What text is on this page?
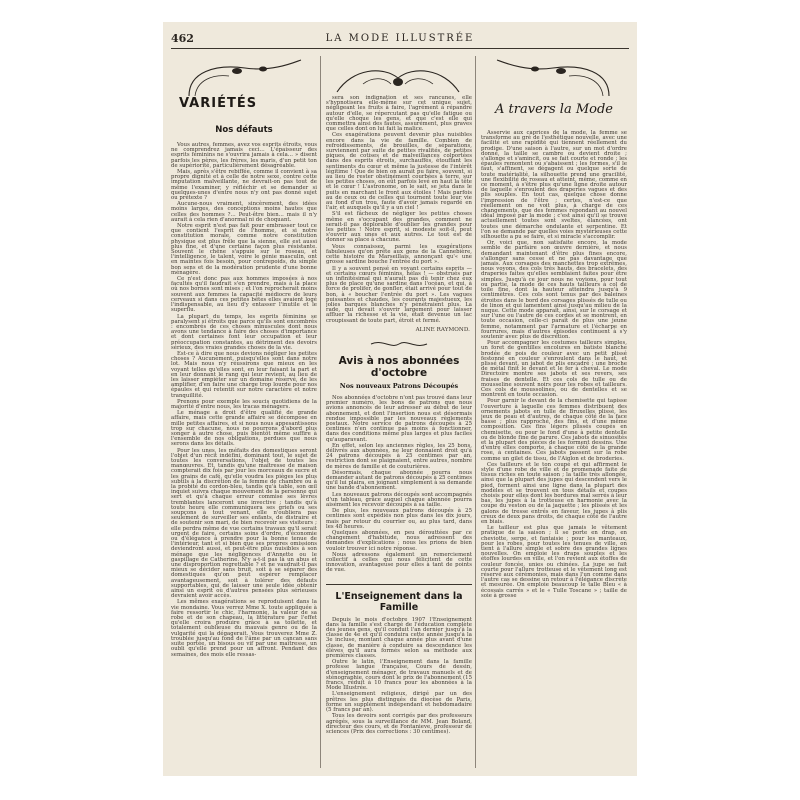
462	LA MODE ILLUSTRÉE
VARIÉTÉS
Nos défauts

Vous autres, femmes, avez vos esprits étroits, vous ne comprendrez jamais ceci... L'épaisseur des esprits féminins ne s'ouvrira jamais à cela... » disent parfois les pères, les frères, les maris, d'un petit ton de supériorité, particulièrement désagréable.

Mais, après s'être rebiffée, comme il convient à sa propre dignité et à celle de notre sexe, contre cette imputation malveillante, ne devrait-on pas tout de même l'examiner, y réfléchir et se demander si quelques-unes d'entre nous n'y ont pas donné sujet ou prétexte ?

Aucune-nous vraiment, sincèrement, des idées moins larges, des conceptions moins hautes que celles des hommes ?... Peut-être bien... mais il n'y aurait à cela rien d'anormal ni de choquant.

Notre esprit n'est pas fait pour embrasser tout ce que contient l'esprit de l'homme, et si notre constitution morale, comme notre constitution physique est plus frêle que la sienne, elle est aussi plus fine, et d'une certaine façon plus résistante. Souvent le chêne s'appuie sur le roseau, et l'intelligence, le talent, voire le génie masculin, ont en maintes fois besoin, pour contrepoids, du simple bon sens et de la modération prudente d'une bonne ménagère.

Ce n'est donc pas aux hommes imposées à nos facultés qu'il faudrait s'en prendre, mais à la place où nos bornes sont mises ; et l'on reprocherait moins souvent aux femmes la capacité médiocre de leurs cerveaux si dans ces petites bêtes elles avaient logé l'indispensable, au lieu d'y entasser l'inutile et le superflu.

La plupart du temps, les esprits féminins se paralysent si étroits que parce qu'ils sont encombrés : encombrés de ces choses minuscules dont nous avons une tendance à faire des choses d'importance et dont certaines font leur occupation et leur préoccupation constantes, au détriment des devoirs sérieux, des vraies grandes choses de la vie.

Est-ce à dire que nous devions négliger les petites choses ? Aucunement, puisqu'elles sont dans notre lot. Mais nous n'y réussirons que mieux en les voyant telles qu'elles sont, en leur faisant la part et en leur donnant le rang qui leur revient, au lieu de les laisser empiéter sur un domaine réservé, de les amplifier, d'en faire une charge trop lourde pour nos épaules et qui retentit sur notre caractère et notre tranquillité.

Prenons pour exemple les soucis quotidiens de la majorité d'entre nous, les tracas ménagers.

Le ménage a droit d'être qualifié de grande affaire, mais cette grande affaire se décompose en mille petites affaires, et si nous nous appesantissons trop sur chacune, nous ne pourrons d'abord plus songer à autre chose, puis bientôt même suffire à l'ensemble de nos obligations, perdues que nous serons dans les détails.

Pour les unes, les méfaits des domestiques seront l'objet d'un récit indéfini, dominant tout, le sujet de toutes les conversations, l'objet de toutes les manœuvres. Et, tandis qu'une maîtresse de maison compterait dix fois par jour les morceaux de sucre et les grains de café, qu'elle voudra les pièges les plus subtils à la discrétion de la femme de chambre ou à la probité du cordon-bleu, tandis qu'à table, son œil inquiet suivra chaque mouvement de la personne qui sert et qu'à chaque erreur commise ses lèvres tremblantes lanceront une invective ; tandis qu'à toute heure elle communiquera ses griefs ou ses soupçons à tout venant, elle n'oubliera pas seulement de surveiller ses enfants, de distraire et de soutenir son mari, de bien recevoir ses visiteurs ; elle perdra même de vue certains travaux qu'il serait urgent de faire, certains soins d'ordre, d'économie ou d'élégance à prendre pour la bonne tenue de l'intérieur, tant et si bien que ses propres omissions deviendront aussi, et peut-être plus nuisibles à son ménage que les négligences d'Annette ou le gaspillage de Catherine. N'y a-t-il pas là un abus et une disproportion regrettable ? et ne vaudrait-il pas mieux se décider sans bruit, soit à se séparer des domestiques qu'on peut espérer remplacer avantageusement, soit à tolérer des défauts supportables, qui de laisser une seule idée obtenir ainsi un esprit où d'autres pensées plus sérieuses devraient avoir accès.

Les mêmes exagérations se reproduisent dans la vie mondaine. Vous verrez Mme X. toute appliquée à faire ressortir le chic, l'harmonie, la valeur de sa robe et de son chapeau, la littérature par l'effet qu'elle croira produire grâce à sa toilette, et totalement oublieuse du mauvais genre ou de la vulgarité qui la dégagerait. Vous trouverez Mme Z. troublée jusqu'au fond de l'âme par un cancan sans suite portée, un bisous ou vif par une maîtresse, un oubli qu'elle prend pour un affront. Pendant des semaines, des mois elle ressas-

sera son indignation et ses rancunes, elle s'hypnotisera elle-même sur cet unique sujet, négligeant les fruits à faire, l'agrément à répandre autour d'elle, se répercutant pas qu'elle fatigue ou qu'elle choque les gens, et que c'est elle qui commettra ainsi des fautes, assurément, plus graves que celles dont on lui fait la malice.

Ces exagérations peuvent devenir plus nuisibles encore dans la vie de famille. Combien de refroidissements, de brouilles, de séparations, surviennent par suite de petites rivalités, de petites piques, de cotises et de malveillances colportées dans des esprits étroits, surchauffés, étouffant les sentiments du cœur et même la justesse de l'intérêt légitime ! Que de bien on aurait pu faire, souvent, si au lieu de rester obstinément courbées à terre, sur les petites choses, on eût parfois levé en haut la tête et le cœur ! L'astronome, on le sait, se jeta dans le puits en marchant le front aux étoiles ! Mais parfois au de ceux ou de celles qui tournent toute leur vie au fond d'un trou, faute d'avoir jamais regardé en l'air, et auxquels qu'il y a un ciel !

S'il est fâcheux de négliger les petites choses même en s'occupant des grandes, comment ne serait-il pas déplorable d'oublier les grandes pour les petites ! Notre esprit, si modeste soit-il, peut s'ouvrir aux unes et aux autres. Le tout est de donner sa place à chacune.

Vous connaissez, parmi les exagérations fabuleuses qu'on prête aux gens de la Cannebière, cette histoire du Marseillais, annonçant qu'« une grosse sardine bouche l'entrée du port ».

Il y a souvent pensé en voyant certains esprits — et certains cœurs féminins, hélas ! — obstrués par un infinitésimal qui n'aurait pas dû tenir chez eux plus de place qu'une sardine dans l'océan, et qui, à force de prolifer, de gonfler, était arrivé pour tout de bon, à « boucher l'entrée du port ». Les vagues puissantes et chaudes, les courants majestueux, les jolies barques blanches n'y pénétraient plus. La rade, qui devait s'ouvrir largement pour laisser affluer la richesse et la vie, était devenue un lac croupissant de toute part, étroit et fermé.

ALINE RAYMOND.

Avis à nos abonnées d'octobre
Nos nouveaux Patrons Découpés

Nos abonnées d'octobre n'ont pas trouvé dans leur premier numéro, les bons de patrons que nous avions annoncés de leur adresser au début de leur abonnement, et dont l'insertion nous est désormais rendue impossible par les nouveaux règlements postaux. Notre service de patrons découpés à 25 centimes n'en continue pas moins à fonctionner, dans des conditions même plus larges et plus faciles qu'auparavant.

En effet, selon les anciennes règles, les 25 bons, délivrés aux abonnées, ne leur donnaient droit qu'à 24 patrons découpés à 25 centimes par an, restriction dont se plaignaient, entre autres, nombre de mères de famille et de couturières.

Désormais, chaque abonnée pourra nous demander autant de patrons découpés à 25 centimes qu'il lui plaira, en joignant simplement à sa demande une bande d'abonnement.

Les nouveaux patrons découpés sont accompagnés d'un tableau, grâce auquel chaque abonnée pourra aisément les recevoir découpés à sa taille.

De plus, les nouveaux patrons découpés à 25 centimes sont expédiés non plus dans les dix jours, mais par retour du courrier ou, au plus tard, dans les 48 heures.

Quelques abonnées, en peu dérouttées par ce changement d'habitude, nous adressent des demandes d'explications ; nous les prions de bien vouloir trouver ici notre réponse.

Nous adressons également un remerciement collectif à celles qui nous félicitent de cette innovation, avantageuse pour elles à tant de points de vue.

L'Enseignement dans la Famille

Depuis le mois d'octobre 1907 l'Enseignement dans la famille s'est chargé de l'éducation complète des jeunes gens, qu'il conduit l'an dernier jusqu'à la classe de 4e et qu'il conduira cette année jusqu'à la 3e incluse, montant chaque année plus avant d'une classe, de manière à conduire sa descendance les élèves qu'il aura formés selon sa méthode aux premières classes.

Outre le latin, l'Enseignement dans la famille professe langue française, Cours de dessin, d'enseignement ménager, de travaux manuels et de sténographie, cours dont le prix de l'abonnement (15 francs, réduit à 10 francs pour les abonnées à la Mode Illustrée.

L'enseignement religieux, dirigé par un des prêtres les plus distingués du diocèse de Paris, forme un supplément indépendant et hebdomadaire (5 francs par an).

Tous les devoirs sont corrigés par des professeurs agrégés, sous la surveillance de MM. Jean Boland, directeur des cours, et de Fontanieve, professeur de sciences (Prix des corrections : 30 centimes).

A travers la Mode

Asservie aux caprices de la mode, la femme se transforme au gré de l'esthétique nouvelle, avec une facilité et une rapidité qui tiennent réellement du prodige. D'une saison à l'autre, sur un mot d'ordre donné, la taille se cambre ou devient droite ; s'allonge et s'amincit, ou se fait courte et ronde ; les épaules remontent ou s'abaissent ; les formes, s'il le faut, s'affinent, se dégagent ou quelque sorte de toute matérialité, la silhouette prend une gracilité, une flexibilité de roseau et atteint, même, comme en ce moment, à s'être plus qu'une ligne droite autour de laquelle s'enroulent des draperies vagues et des plis souples. En tout cas, quelque chose donne l'impression de l'être ; certes, n'est-ce que réellement on ne voit plus, à charge de ces changements, que des femmes répondant au nouvel idéal imposé par la mode ; c'est ainsi qu'il se trouve actuellement toutes sont sveltes, élancées, ont toutes une démarche ondulante et serpentine. Et l'on se demande par quelles voies mystérieuses cette silhouette a pu se faire, et si miracle s'accomplir.

Or, voici que, non satisfaite encore, la mode semble de parfaire son œuvre dernière, et nous demandant maintenant d'être plus fines encore, s'allonger sans cesse et ne pas davantage que jamais. Aux corsages des manchettes trop extrêmes, nous voyons, des cols très hauts, des bracelets, des draperies faites qu'elles semblaient faites pour être simples. Jusqu'à ce jour nous ne voyions, pour tout ou partie, la mode de ces hauts tailleurs à col de toile fine, dont la hauteur atteindra jusqu'à 9 centimètres. Ces cols sont tenus par des baleines étroites dans le bord des corsages plissés de tulle ou de linon et qui lamentent ainsi jusqu'au milieu de la nuque. Cette mode apparaît, ainsi, sur le corsage et sur l'une ou l'autre de ces cordes et se montrent, en toute occasion, celle-ci paraît de plus une jeune femme, notamment par l'armature et l'écharpe en fourrures, mais d'autres épisodes continuent à s'y soutenir avec plus de discrétion.

Pour accompagner les costumes tailleurs simples, un foret de gentilles encolures en batiste blanche brodée de pois de couleur avec un petit plissé festonné en couleur s'enroulent dans le haut, et plissé devant, un jabot de plis encadré ; une broche de métal finit le devant et le fer à cheval. Le mode Directoire montre ses jabots et ses revers, ses fraises de dentelle. Et ces cols de tulle ou de mousseline souvent noirs pour les robes et tailleurs. Ces cols de moussolines, ou de dentelles et se montrent en toute occasion.

Pour garnir le devant de la chemisette qui tapisse l'ouverture à laquelle ces femmes distribuent des ornements jabots en tulle de Bruxelles plissé, les jeux de peau et d'autres, de chaque côté de la face basse ; plus rapproché, des fins, et d'une même composition. Ces fins légers plissés coupés en chemisette, ou pour le fond d'une à petite dentelle ou de blonde fine de parure. Ces jabots de sinuosités et la plupart des pièces de les forment dessins. Une d'entre elles comporte, à chaque côté de la grande rose, à centaines. Ces jabots passent sur la robe comme un gilet de tissu, de l'Aiglon et de broderies.

Ces tailleurs et le ton coupé et qui affirment le style d'une robe de ville et de promenade faite de tissus riches en toute saison ; la taille très allongée, ainsi que la plupart des jupes qui descendent vers le pied, forment ainsi une ligne dans la plupart des modèles et se trouvent en tous détails et coupes choisis pour elles dont les bordures mal serrés à leur bas, les jupes à la trotteuse en harmonie avec la coupe du veston ou de la jaquette ; les plissés et les galons de tresse entrés en faveur, les jupes à plis creux de deux pans droits, de chaque côté de l'autre en biais.

Le tailleur est plus que jamais le vêtement pratique de la saison ; il se porte en drap, en cheviotte, serge, et fantaisie ; pour les manteaux, pour les robes, pour toutes les tenues de ville, on tient à l'allure simple et sobre des grandes lignes nouvelles. On emploie les draps souples et les étoffes lourdes en ville, et l'on revient aux étoffes de couleur foncée, unies ou chinées. La jupe se fait courte pour l'allure trotteuse et le vêtement long est réservé aux cérémonies, mais dans l'un comme dans l'autre cas se dessine un retour à l'élégance discrète et mesurée. On emploie beaucoup le talle Bleu « à écossais carrés » et le « Tulle Toscane » ; taille de soie à grosse
